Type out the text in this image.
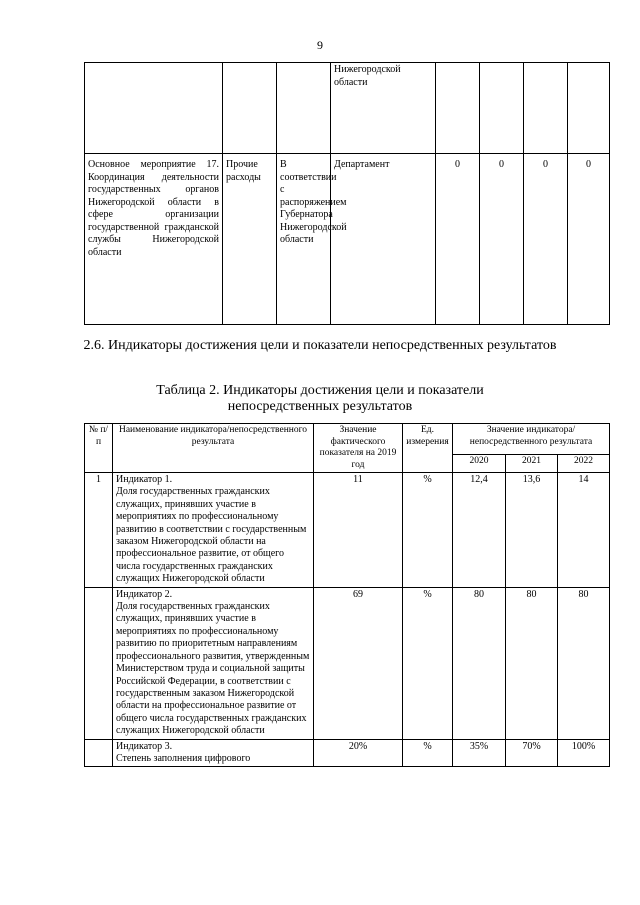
9
			Нижегородской области				
Основное мероприятие 17. Координация деятельности государственных органов Нижегородской области в сфере организации государственной гражданской службы Нижегородской области	Прочие расходы	В соответствии с распоряжением Губернатора Нижегородской области	Департамент	0	0	0	0
2.6. Индикаторы достижения цели и показатели непосредственных результатов
Таблица 2. Индикаторы достижения цели и показатели непосредственных результатов
№ п/п	Наименование индикатора/непосредственного результата	Значение фактического показателя на 2019 год	Ед. измерения	Значение индикатора/непосредственного результата		
				2020	2021	2022
1	Индикатор 1.
Доля государственных гражданских служащих, принявших участие в мероприятиях по профессиональному развитию в соответствии с государственным заказом Нижегородской области на профессиональное развитие, от общего числа государственных гражданских служащих Нижегородской области	11	%	12,4	13,6	14

	Индикатор 2.
Доля государственных гражданских служащих, принявших участие в мероприятиях по профессиональному развитию по приоритетным направлениям профессионального развития, утвержденным Министерством труда и социальной защиты Российской Федерации, в соответствии с государственным заказом Нижегородской области на профессиональное развитие от общего числа государственных гражданских служащих Нижегородской области	69	%	80	80	80

	Индикатор 3.
Степень заполнения цифрового	20%	%	35%	70%	100%
